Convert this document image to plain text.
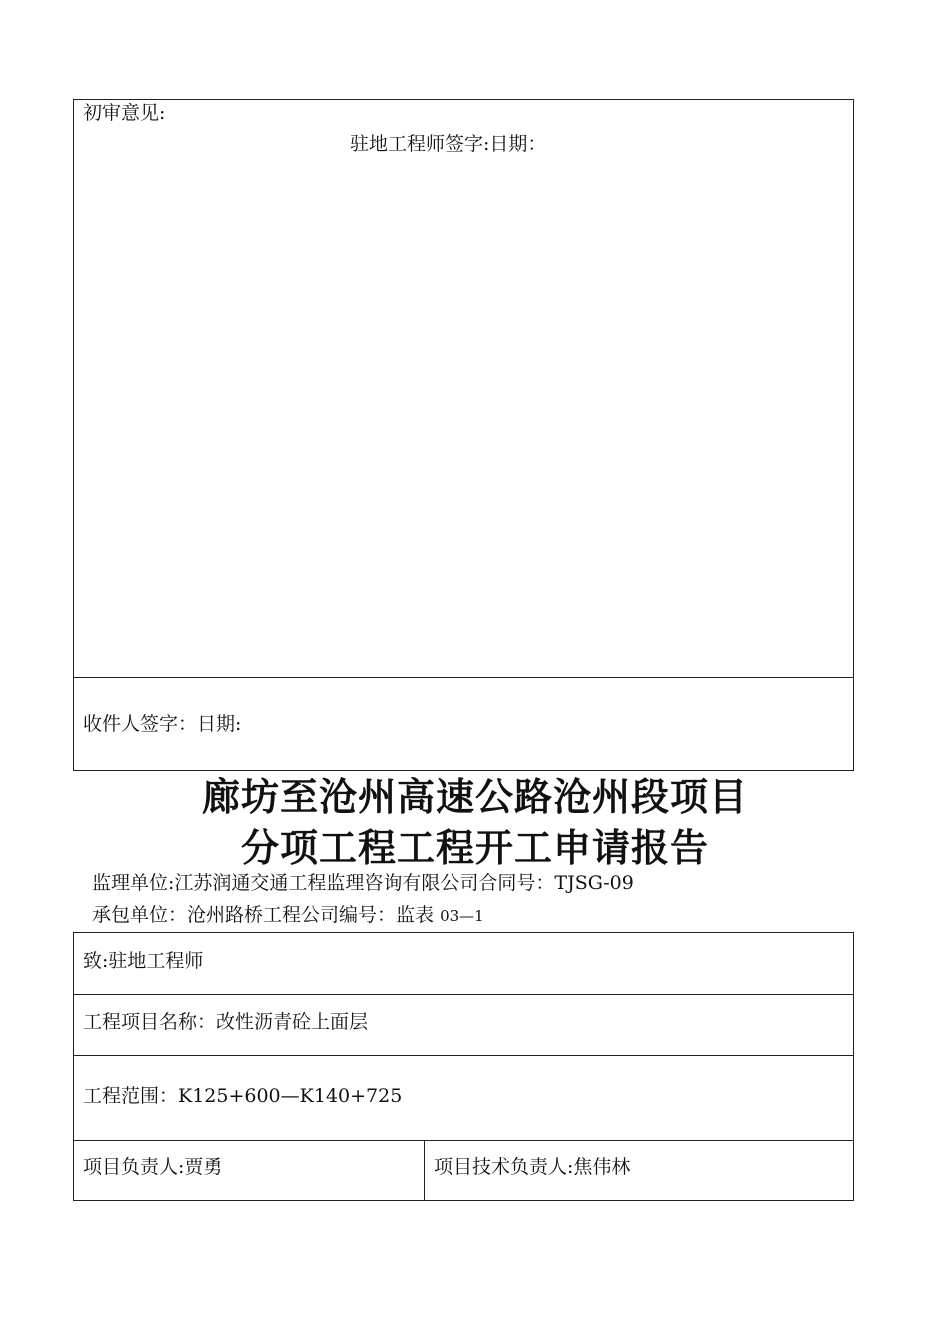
初审意见:
驻地工程师签字:日期：
收件人签字：日期:
廊坊至沧州高速公路沧州段项目
分项工程工程开工申请报告
监理单位:江苏润通交通工程监理咨询有限公司合同号：TJSG-09
承包单位：沧州路桥工程公司编号：监表 03—1
致:驻地工程师
工程项目名称：改性沥青砼上面层
工程范围：K125+600—K140+725
项目负责人:贾勇	项目技术负责人:焦伟林
